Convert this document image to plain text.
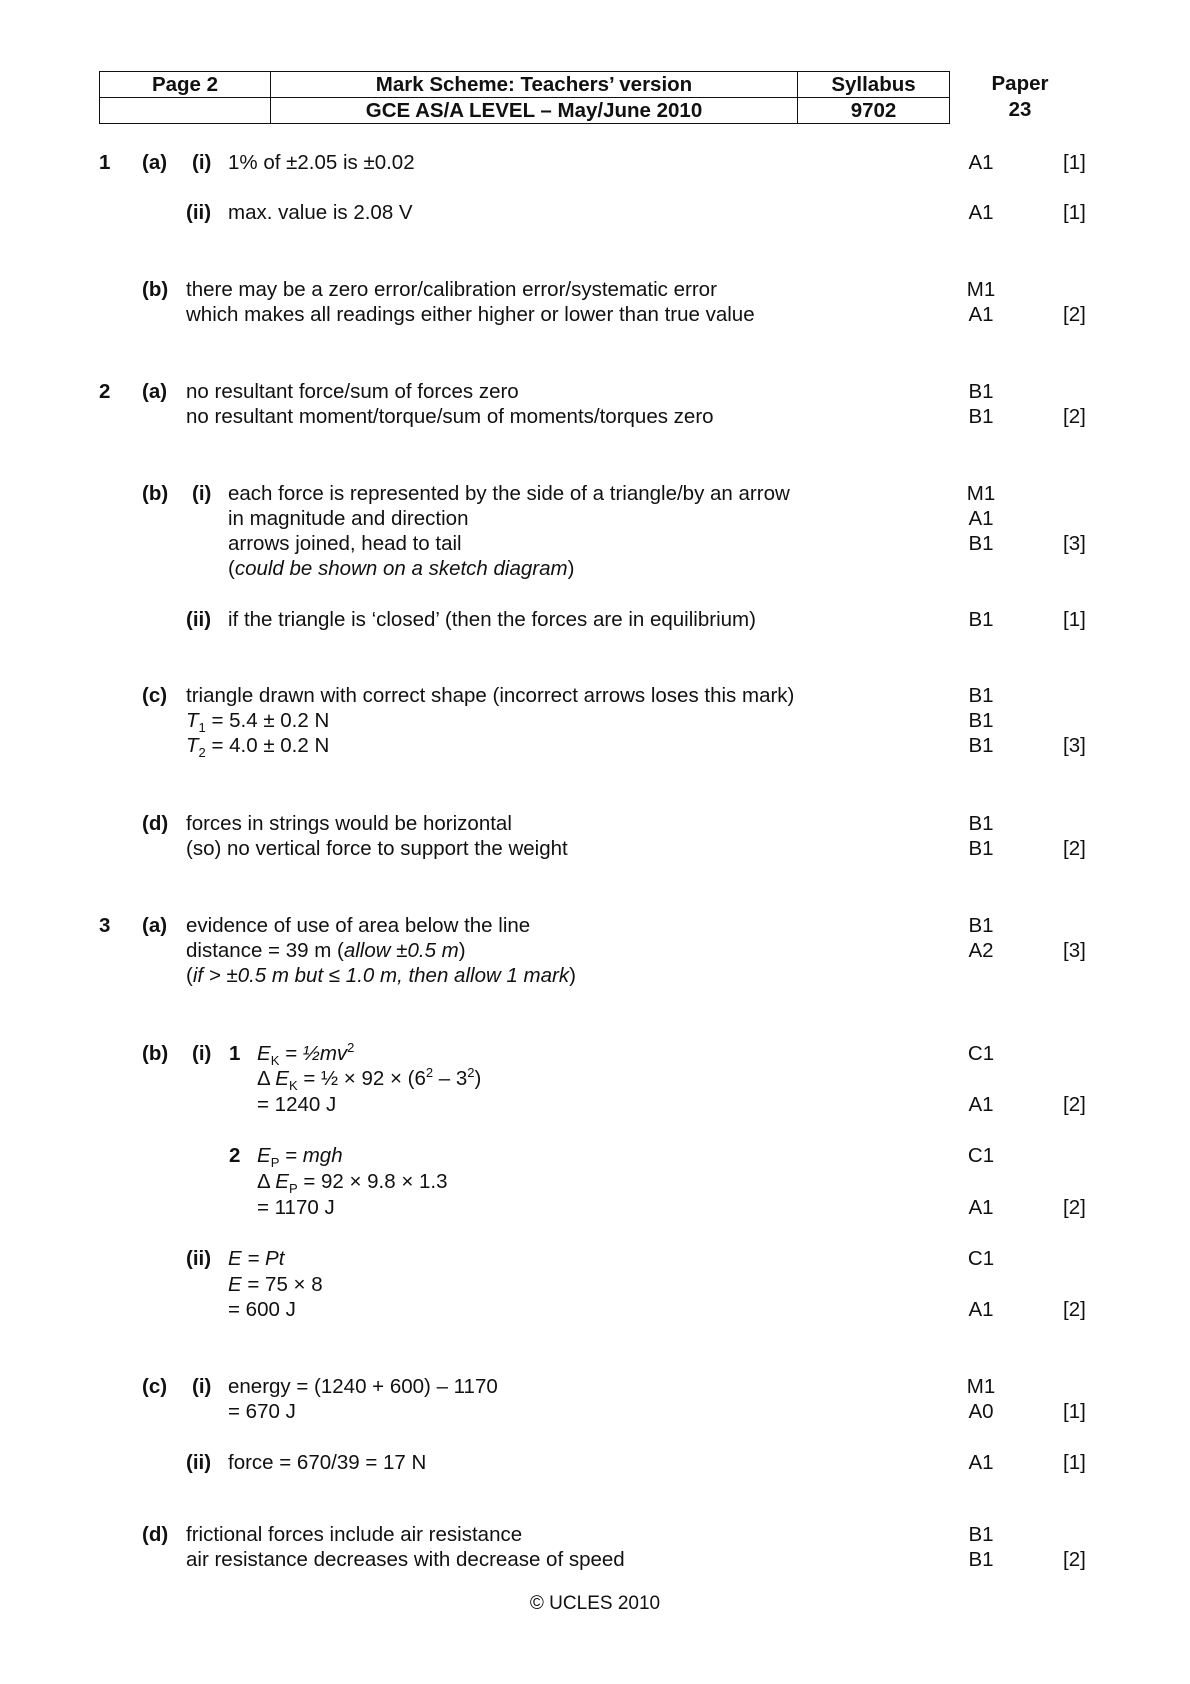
Page 2	Mark Scheme: Teachers’ version	Syllabus
	GCE AS/A LEVEL – May/June 2010	9702
Paper
23
1 (a) (i) 1% of ±2.05 is ±0.02	A1	[1]
(ii) max. value is 2.08 V	A1	[1]
(b) there may be a zero error/calibration error/systematic error	M1
which makes all readings either higher or lower than true value	A1	[2]
2 (a) no resultant force/sum of forces zero	B1
no resultant moment/torque/sum of moments/torques zero	B1	[2]
(b) (i) each force is represented by the side of a triangle/by an arrow	M1
in magnitude and direction	A1
arrows joined, head to tail	B1	[3]
(could be shown on a sketch diagram)
(ii) if the triangle is ‘closed’ (then the forces are in equilibrium)	B1	[1]
(c) triangle drawn with correct shape (incorrect arrows loses this mark)	B1
$T_1 = 5.4 \pm 0.2$ N	B1
$T_2 = 4.0 \pm 0.2$ N	B1	[3]
(d) forces in strings would be horizontal	B1
(so) no vertical force to support the weight	B1	[2]
3 (a) evidence of use of area below the line	B1
distance = 39 m (allow ±0.5 m)	A2	[3]
(if > ±0.5 m but ≤ 1.0 m, then allow 1 mark)
(b) (i) 1 $E_K$ = $\frac{1}{2}mv^2$	C1
Δ $E_K$ = ½ × $92 \times (6^2 - 3^2)$
= 1240 J	A1	[2]
2 $E_P$ = mgh	C1
Δ $E_P = 92 \times 9.8 \times 1.3$
= 1170 J	A1	[2]
(ii) E = Pt	C1
E = 75 × 8
= 600 J	A1	[2]
(c) (i) energy = (1240 + 600) – 1170	M1
= 670 J	A0	[1]
(ii) force = 670/39 = 17 N	A1	[1]
(d) frictional forces include air resistance	B1
air resistance decreases with decrease of speed	B1	[2]
© UCLES 2010
